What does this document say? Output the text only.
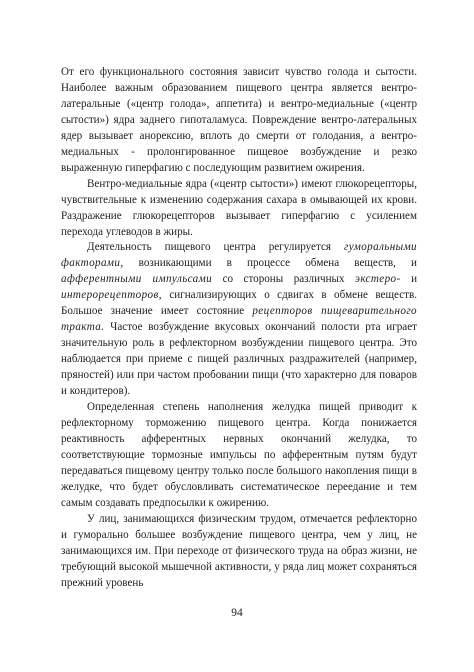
От его функционального состояния зависит чувство голода и сытости. Наиболее важным образованием пищевого центра является вентро-латеральные («центр голода», аппетита) и вентро-медиальные («центр сытости») ядра заднего гипоталамуса. Повреждение вентро-латеральных ядер вызывает анорексию, вплоть до смерти от голодания, а вентро-медиальных - пролонгированное пищевое возбуждение и резко выраженную гиперфагию с последующим развитием ожирения.

Вентро-медиальные ядра («центр сытости») имеют глюкорецепторы, чувствительные к изменению содержания сахара в омывающей их крови. Раздражение глюкорецепторов вызывает гиперфагию с усилением перехода углеводов в жиры.

Деятельность пищевого центра регулируется гуморальными факторами, возникающими в процессе обмена веществ, и афферентными импульсами со стороны различных экстеро- и интерорецепторов, сигнализирующих о сдвигах в обмене веществ. Большое значение имеет состояние рецепторов пищеварительного тракта. Частое возбуждение вкусовых окончаний полости рта играет значительную роль в рефлекторном возбуждении пищевого центра. Это наблюдается при приеме с пищей различных раздражителей (например, пряностей) или при частом пробовании пищи (что характерно для поваров и кондитеров).

Определенная степень наполнения желудка пищей приводит к рефлекторному торможению пищевого центра. Когда понижается реактивность афферентных нервных окончаний желудка, то соответствующие тормозные импульсы по афферентным путям будут передаваться пищевому центру только после большого накопления пищи в желудке, что будет обусловливать систематическое переедание и тем самым создавать предпосылки к ожирению.

У лиц, занимающихся физическим трудом, отмечается рефлекторно и гуморально большее возбуждение пищевого центра, чем у лиц, не занимающихся им. При переходе от физического труда на образ жизни, не требующий высокой мышечной активности, у ряда лиц может сохраняться прежний уровень

94
